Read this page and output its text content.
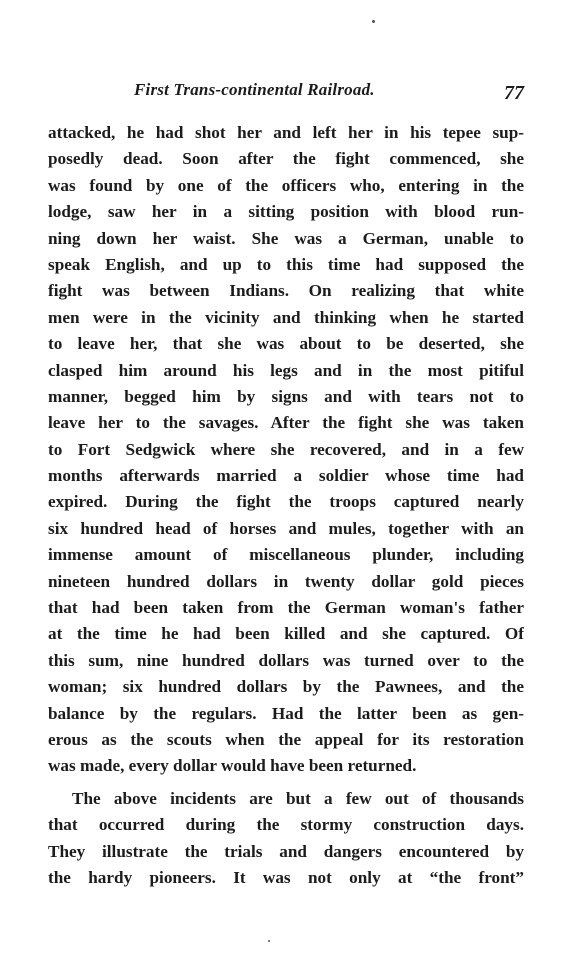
First Trans-continental Railroad.	77
attacked, he had shot her and left her in his tepee sup-
posedly dead. Soon after the fight commenced, she
was found by one of the officers who, entering in the
lodge, saw her in a sitting position with blood run-
ning down her waist. She was a German, unable to
speak English, and up to this time had supposed the
fight was between Indians. On realizing that white
men were in the vicinity and thinking when he started
to leave her, that she was about to be deserted, she
clasped him around his legs and in the most pitiful
manner, begged him by signs and with tears not to
leave her to the savages. After the fight she was taken
to Fort Sedgwick where she recovered, and in a few
months afterwards married a soldier whose time had
expired. During the fight the troops captured nearly
six hundred head of horses and mules, together with an
immense amount of miscellaneous plunder, including
nineteen hundred dollars in twenty dollar gold pieces
that had been taken from the German woman's father
at the time he had been killed and she captured. Of
this sum, nine hundred dollars was turned over to the
woman; six hundred dollars by the Pawnees, and the
balance by the regulars. Had the latter been as gen-
erous as the scouts when the appeal for its restoration
was made, every dollar would have been returned.
The above incidents are but a few out of thousands
that occurred during the stormy construction days.
They illustrate the trials and dangers encountered by
the hardy pioneers. It was not only at “the front”
